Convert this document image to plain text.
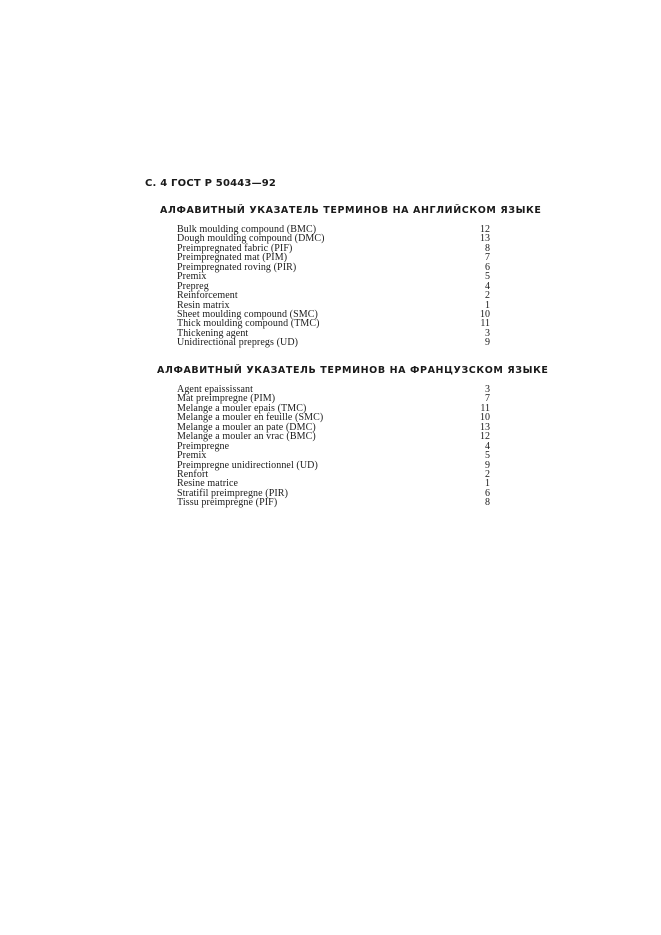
С. 4 ГОСТ Р 50443—92
АЛФАВИТНЫЙ УКАЗАТЕЛЬ ТЕРМИНОВ НА АНГЛИЙСКОМ ЯЗЫКЕ
Bulk moulding compound (BMC)	12
Dough moulding compound (DMC)	13
Preimpregnated fabric (PIF)	8
Preimpregnated mat (PIM)	7
Preimpregnated roving (PIR)	6
Premix	5
Prepreg	4
Reinforcement	2
Resin matrix	1
Sheet moulding compound (SMC)	10
Thick moulding compound (TMC)	11
Thickening agent	3
Unidirectional prepregs (UD)	9
АЛФАВИТНЫЙ УКАЗАТЕЛЬ ТЕРМИНОВ НА ФРАНЦУЗСКОМ ЯЗЫКЕ
Agent epaississant	3
Mat preimpregne (PIM)	7
Melange a mouler epais (TMC)	11
Melange a mouler en feuille (SMC)	10
Melange a mouler an pate (DMC)	13
Melange a mouler an vrac (BMC)	12
Preimpregne	4
Premix	5
Preimpregne unidirectionnel (UD)	9
Renfort	2
Resine matrice	1
Stratifil preimpregne (PIR)	6
Tissu preimpregne (PIF)	8
